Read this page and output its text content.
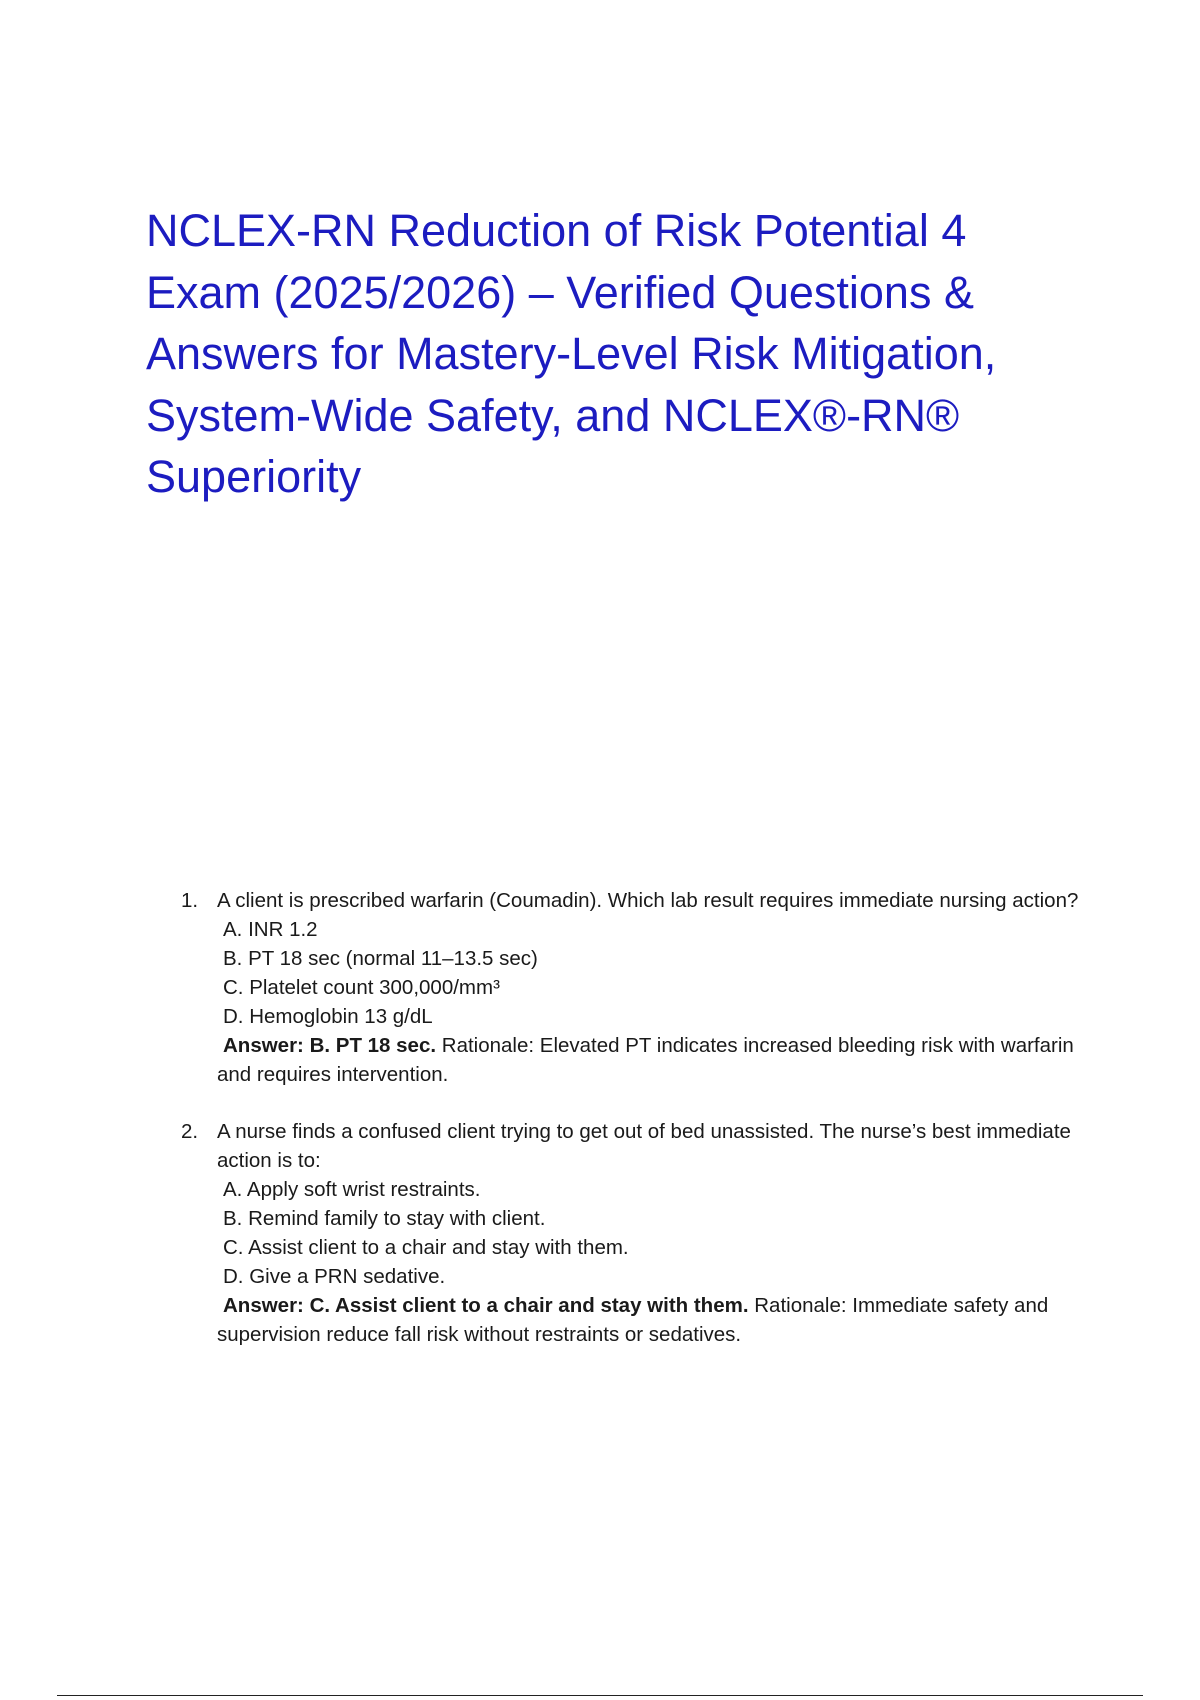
NCLEX-RN Reduction of Risk Potential 4 Exam (2025/2026) – Verified Questions & Answers for Mastery-Level Risk Mitigation, System-Wide Safety, and NCLEX®-RN® Superiority
1. A client is prescribed warfarin (Coumadin). Which lab result requires immediate nursing action?
A. INR 1.2
B. PT 18 sec (normal 11–13.5 sec)
C. Platelet count 300,000/mm³
D. Hemoglobin 13 g/dL
Answer: B. PT 18 sec. Rationale: Elevated PT indicates increased bleeding risk with warfarin and requires intervention.
2. A nurse finds a confused client trying to get out of bed unassisted. The nurse’s best immediate action is to:
A. Apply soft wrist restraints.
B. Remind family to stay with client.
C. Assist client to a chair and stay with them.
D. Give a PRN sedative.
Answer: C. Assist client to a chair and stay with them. Rationale: Immediate safety and supervision reduce fall risk without restraints or sedatives.
